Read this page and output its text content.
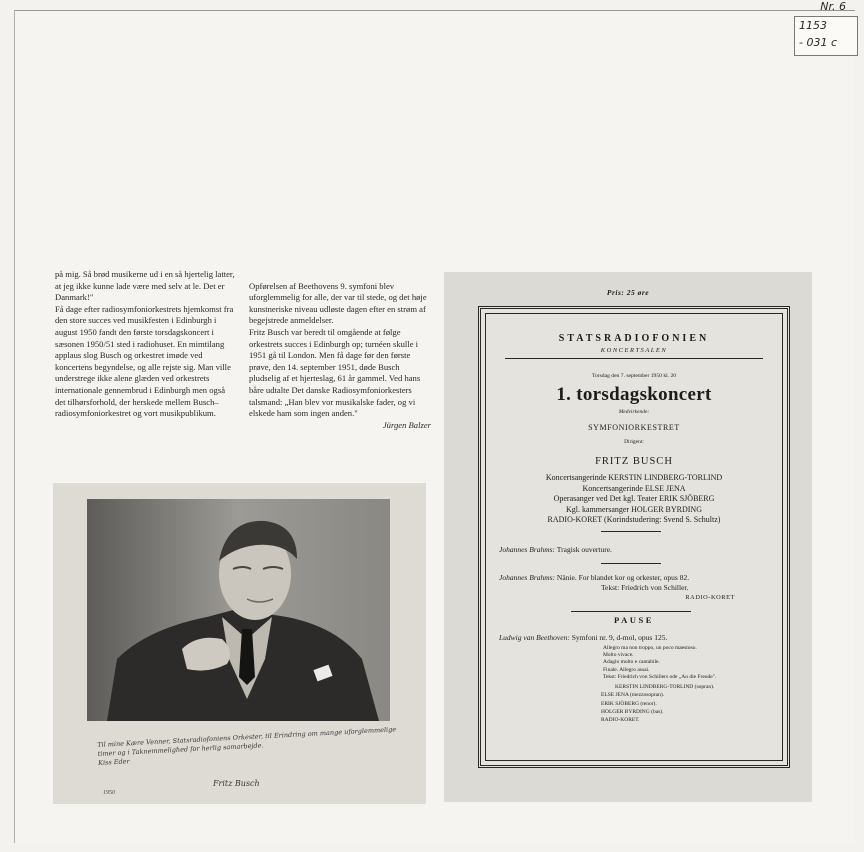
Nr. 6
1153
- 031 c
på mig. Så brød musikerne ud i en så hjertelig latter, at jeg ikke kunne lade være med selv at le. Det er Danmark!"
Få dage efter radiosymfoniorkestrets hjemkomst fra den store succes ved musikfesten i Edinburgh i august 1950 fandt den første torsdagskoncert i sæsonen 1950/51 sted i radiohuset. En mimtilang applaus slog Busch og orkestret imøde ved koncertens begyndelse, og alle rejste sig. Man ville understrege ikke alene glæden ved orkestrets internationale gennembrud i Edinburgh men også det tilhørsforhold, der herskede mellem Busch–radiosymfoniorkestret og vort musikpublikum.

Opførelsen af Beethovens 9. symfoni blev uforglemmelig for alle, der var til stede, og det høje kunstneriske niveau udløste dagen efter en strøm af begejstrede anmeldelser.
Fritz Busch var beredt til omgående at følge orkestrets succes i Edinburgh op; turnéen skulle i 1951 gå til London. Men få dage før den første prøve, den 14. september 1951, døde Busch pludselig af et hjerteslag, 61 år gammel. Ved hans båre udtalte Det danske Radiosymfoniorkesters talsmand: „Han blev vor musikalske fader, og vi elskede ham som ingen anden."

Jürgen Balzer

Til mine Kære Venner, Statsradiofoniens Orkester, til Erindring om mange uforglemmelige timer og i Taknemmelighed for herlig samarbejde.
Kiss Eder
1950
Fritz Busch
Pris: 25 øre
STATSRADIOFONIEN
KONCERTSALEN
Torsdag den 7. september 1950 kl. 20
1. torsdagskoncert
Medvirkende:
SYMFONIORKESTRET
Dirigent:
FRITZ BUSCH
Koncertsangerinde KERSTIN LINDBERG-TORLIND
Koncertsangerinde ELSE JENA
Operasanger ved Det kgl. Teater ERIK SJÖBERG
Kgl. kammersanger HOLGER BYRDING
RADIO-KORET (Korindstudering: Svend S. Schultz)
Johannes Brahms: Tragisk ouverture.
Johannes Brahms: Nänie. For blandet kor og orkester, opus 82.
Tekst: Friedrich von Schiller.
RADIO-KORET
PAUSE
Ludwig van Beethoven: Symfoni nr. 9, d-mol, opus 125.
Allegro ma non troppo, un poco maestoso.
Molto vivace.
Adagio molto e cantabile.
Finale. Allegro assai.
Tekst: Friedrich von Schillers ode „An die Freude".
KERSTIN LINDBERG-TORLIND (sopran).
ELSE JENA (mezzosopran).
ERIK SJÖBERG (tenor).
HOLGER BYRDING (bas).
RADIO-KORET.
